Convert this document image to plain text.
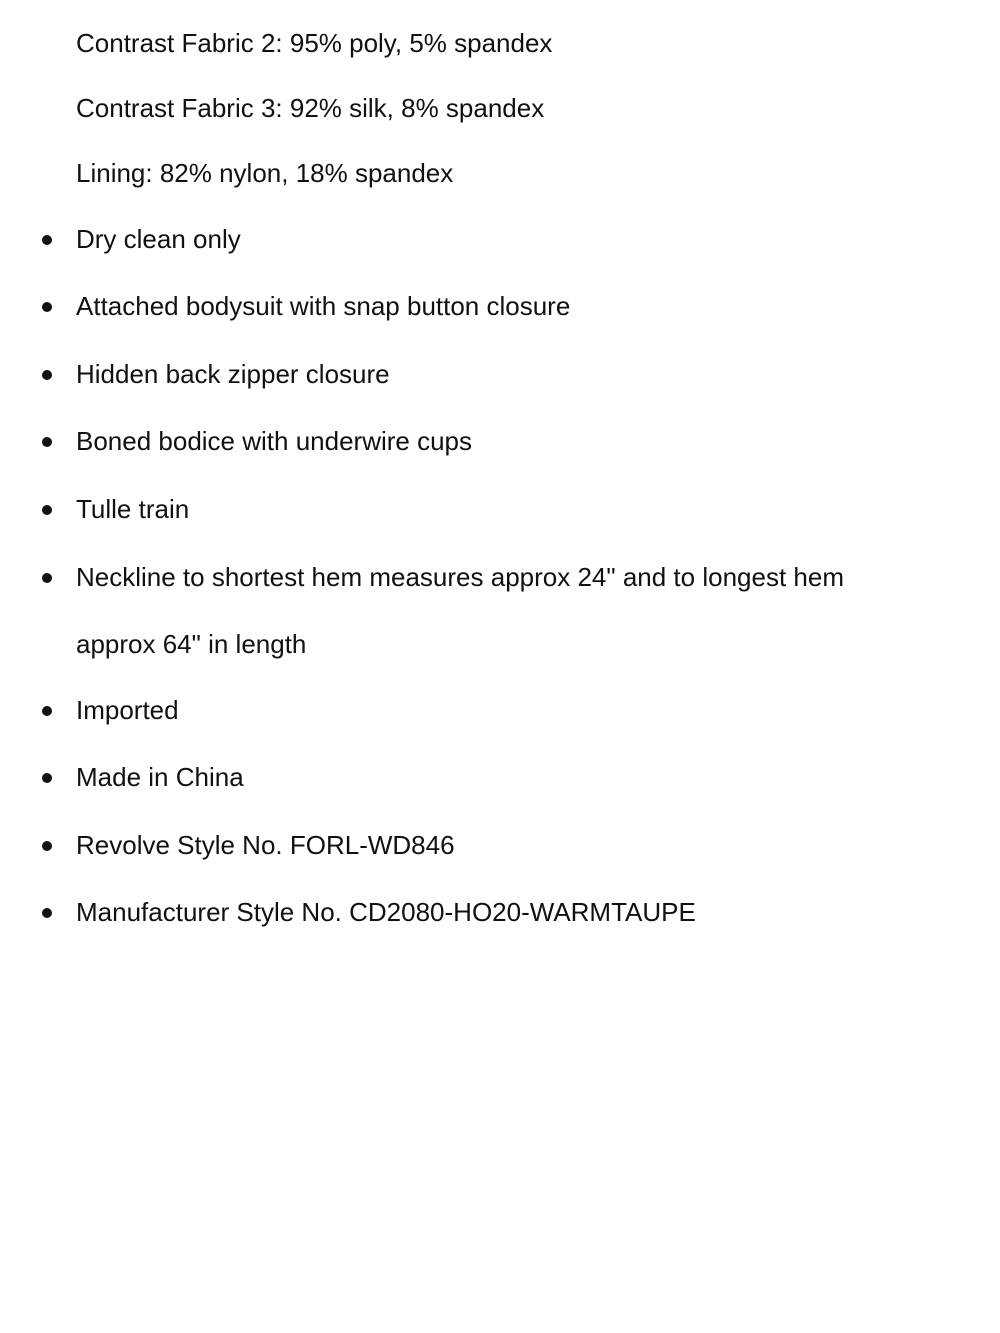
Contrast Fabric 2: 95% poly, 5% spandex
Contrast Fabric 3: 92% silk, 8% spandex
Lining: 82% nylon, 18% spandex
Dry clean only
Attached bodysuit with snap button closure
Hidden back zipper closure
Boned bodice with underwire cups
Tulle train
Neckline to shortest hem measures approx 24" and to longest hem
approx 64" in length
Imported
Made in China
Revolve Style No. FORL-WD846
Manufacturer Style No. CD2080-HO20-WARMTAUPE
